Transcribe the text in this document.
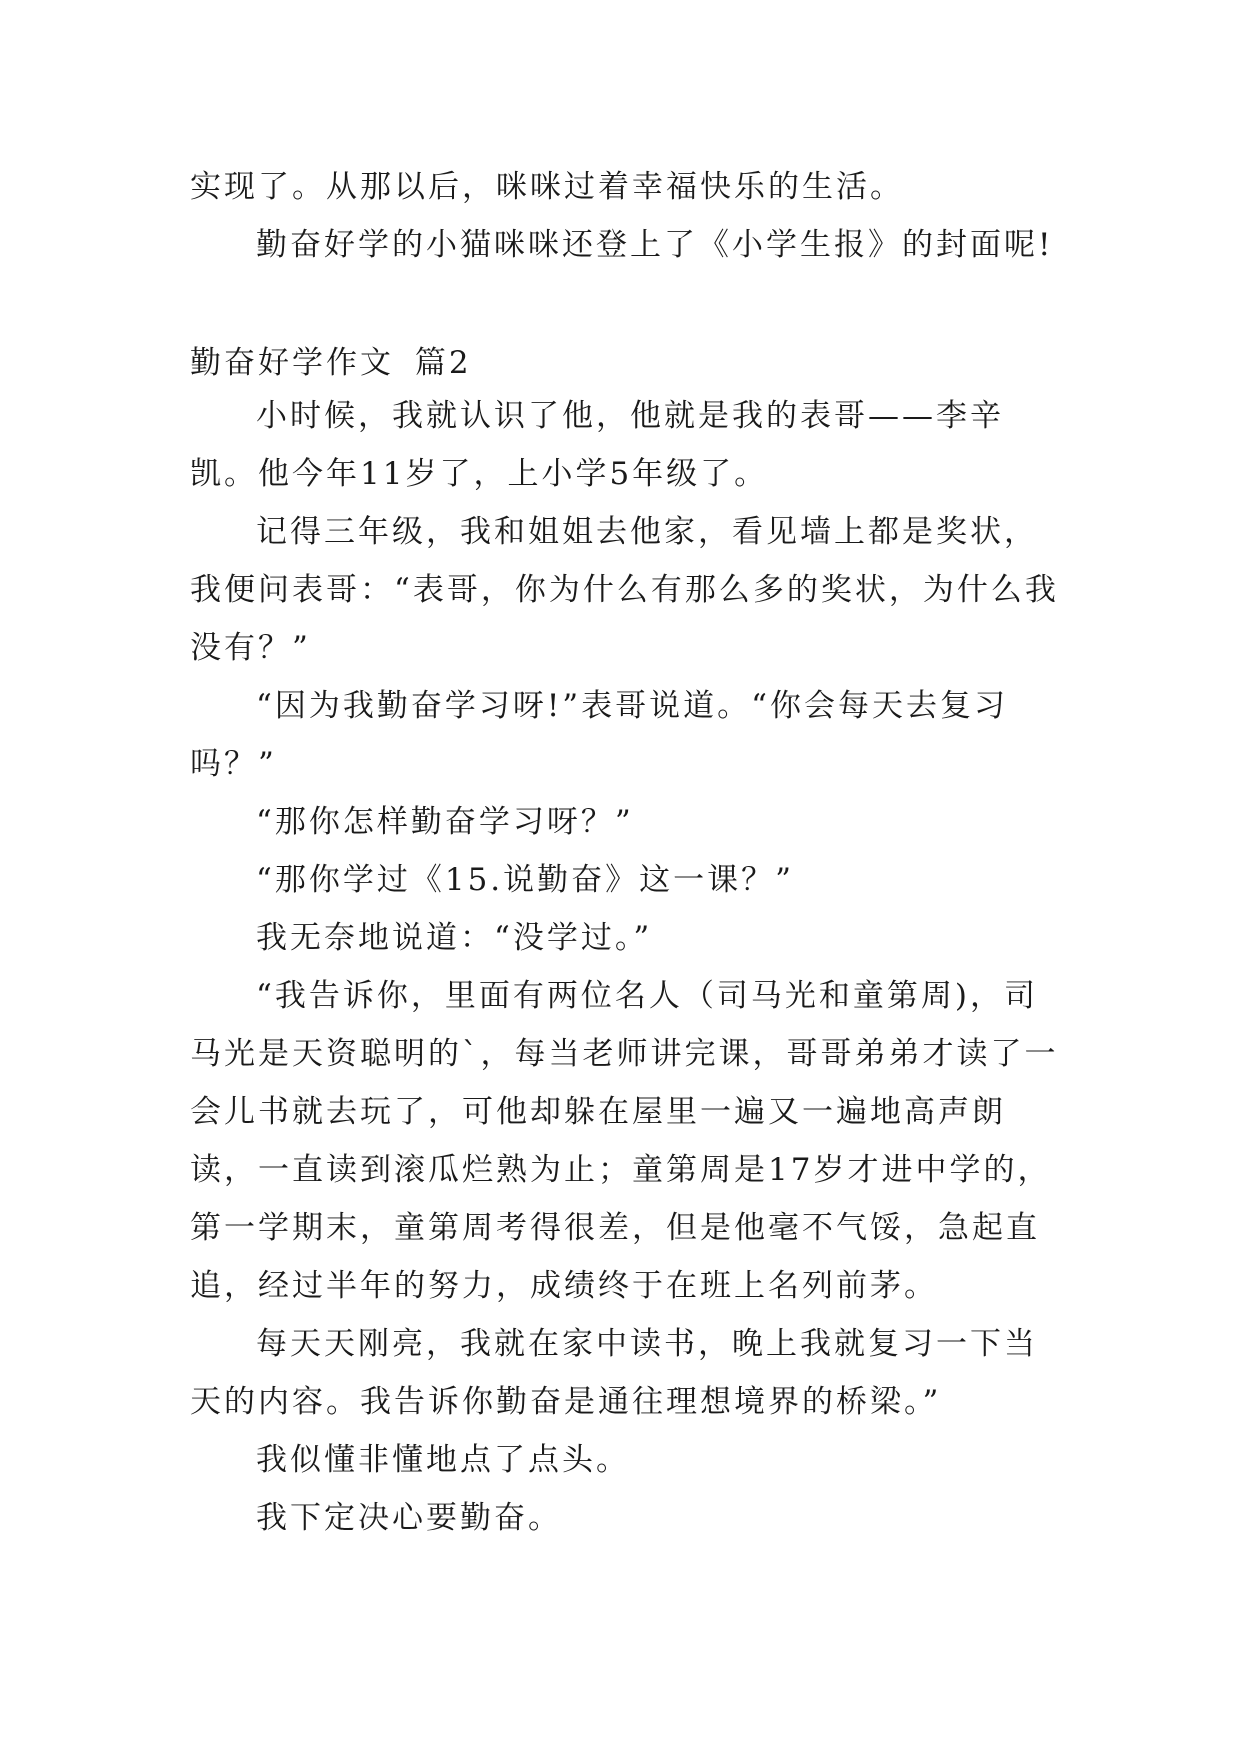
实现了。从那以后，咪咪过着幸福快乐的生活。

勤奋好学的小猫咪咪还登上了《小学生报》的封面呢!

勤奋好学作文 篇2

小时候，我就认识了他，他就是我的表哥——李辛凯。他今年11岁了，上小学5年级了。

记得三年级，我和姐姐去他家，看见墙上都是奖状，我便问表哥：“表哥，你为什么有那么多的奖状，为什么我没有？”

“因为我勤奋学习呀!”表哥说道。“你会每天去复习吗？”

“那你怎样勤奋学习呀？”

“那你学过《15.说勤奋》这一课？”

我无奈地说道：“没学过。”

“我告诉你，里面有两位名人（司马光和童第周)，司马光是天资聪明的`，每当老师讲完课，哥哥弟弟才读了一会儿书就去玩了，可他却躲在屋里一遍又一遍地高声朗读，一直读到滚瓜烂熟为止；童第周是17岁才进中学的，第一学期末，童第周考得很差，但是他毫不气馁，急起直追，经过半年的努力，成绩终于在班上名列前茅。

每天天刚亮，我就在家中读书，晚上我就复习一下当天的内容。我告诉你勤奋是通往理想境界的桥梁。”

我似懂非懂地点了点头。

我下定决心要勤奋。
